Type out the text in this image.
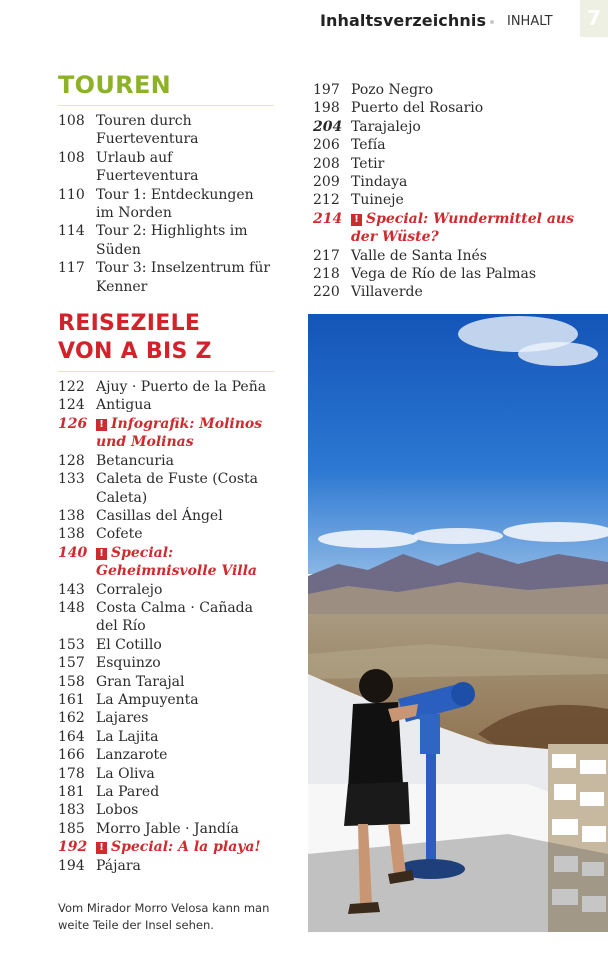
Inhaltsverzeichnis INHALT	7
TOUREN
108 Touren durch Fuerteventura
108 Urlaub auf Fuerteventura
110 Tour 1: Entdeckungen im Norden
114 Tour 2: Highlights im Süden
117 Tour 3: Inselzentrum für Kenner
REISEZIELE
VON A BIS Z
122 Ajuy · Puerto de la Peña
124 Antigua
126	! Infografik: Molinos und Molinas
128 Betancuria
133 Caleta de Fuste (Costa Caleta)
138 Casillas del Ángel
138 Cofete
140	! Special: Geheimnisvolle Villa
143 Corralejo
148 Costa Calma · Cañada del Río
153 El Cotillo
157 Esquinzo
158 Gran Tarajal
161 La Ampuyenta
162 Lajares
164 La Lajita
166 Lanzarote
178 La Oliva
181 La Pared
183 Lobos
185 Morro Jable · Jandía
192	! Special: A la playa!
194 Pájara
197 Pozo Negro
198 Puerto del Rosario
204 Tarajalejo
206 Tefía
208 Tetir
209 Tindaya
212 Tuineje
214	! Special: Wundermittel aus der Wüste?
217 Valle de Santa Inés
218 Vega de Río de las Palmas
220 Villaverde
Vom Mirador Morro Velosa kann man weite Teile der Insel sehen.
